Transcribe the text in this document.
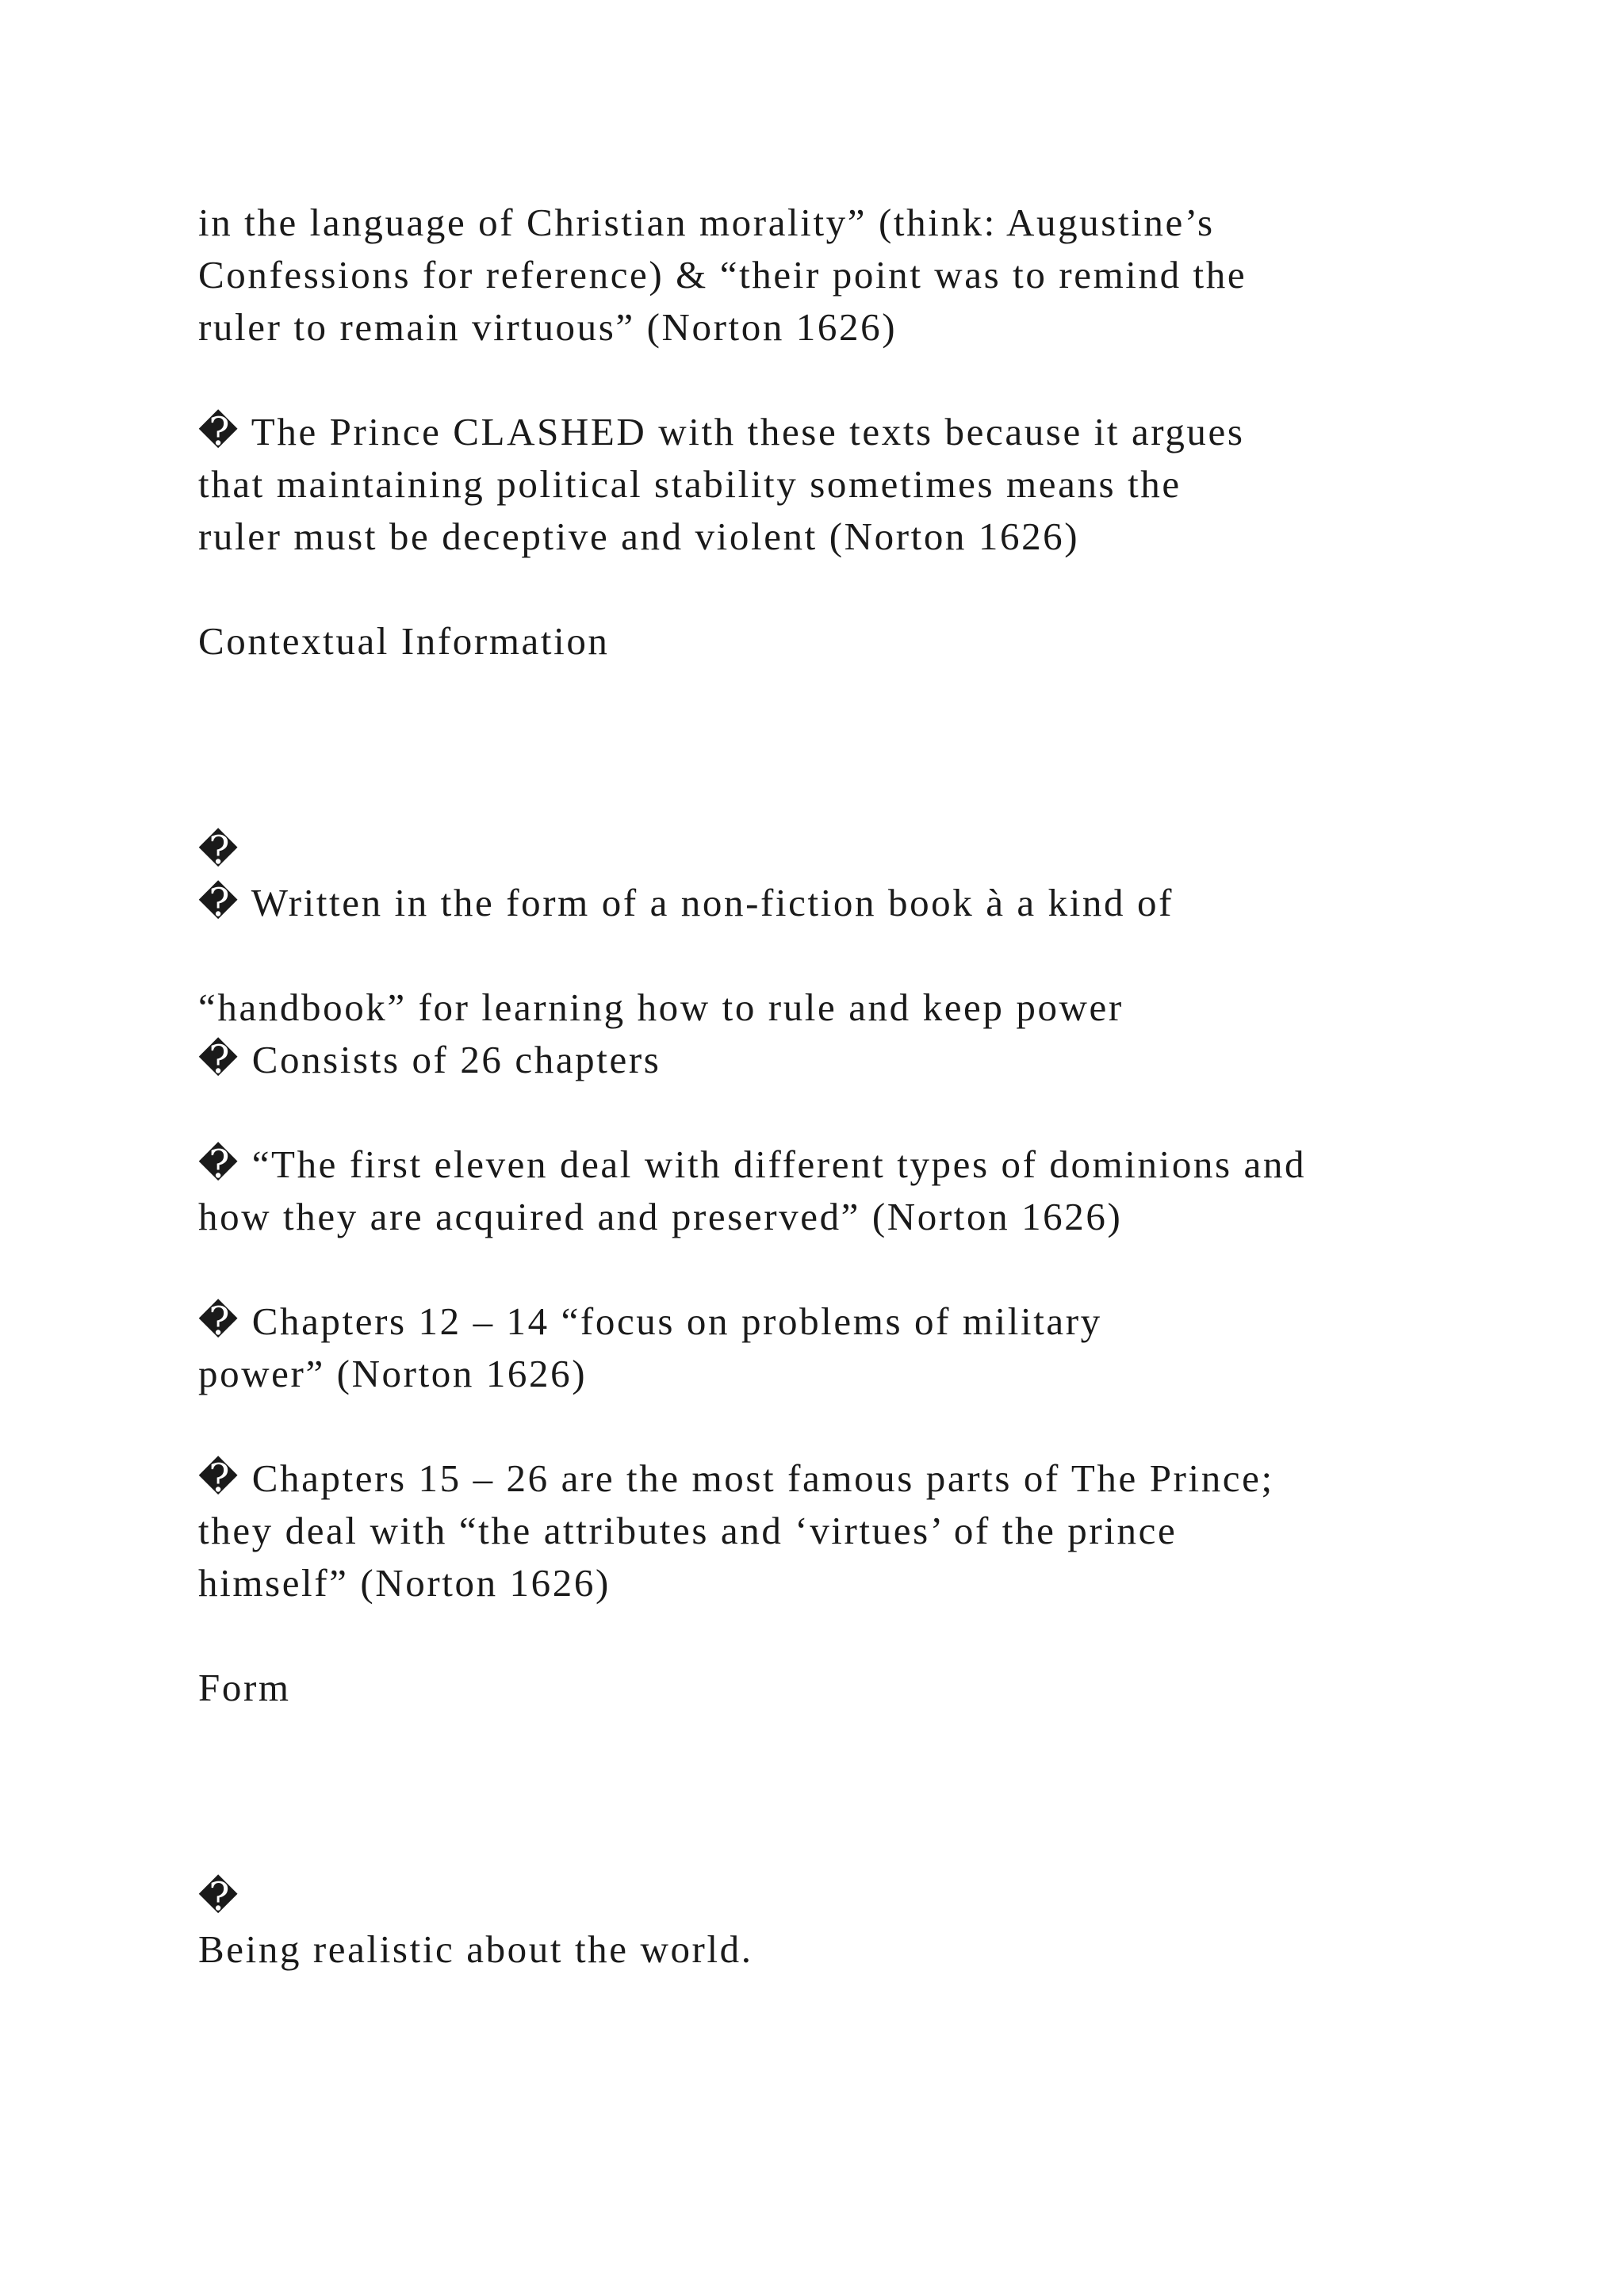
in the language of Christian morality” (think: Augustine’s

Confessions for reference) & “their point was to remind the

ruler to remain virtuous” (Norton 1626)

� The Prince CLASHED with these texts because it argues

that maintaining political stability sometimes means the

ruler must be deceptive and violent (Norton 1626)

Contextual Information

�

� Written in the form of a non-fiction book à a kind of

“handbook” for learning how to rule and keep power

� Consists of 26 chapters

� “The first eleven deal with different types of dominions and

how they are acquired and preserved” (Norton 1626)

� Chapters 12 – 14 “focus on problems of military

power” (Norton 1626)

� Chapters 15 – 26 are the most famous parts of The Prince;

they deal with “the attributes and ‘virtues’ of the prince

himself” (Norton 1626)

Form

�

Being realistic about the world.
